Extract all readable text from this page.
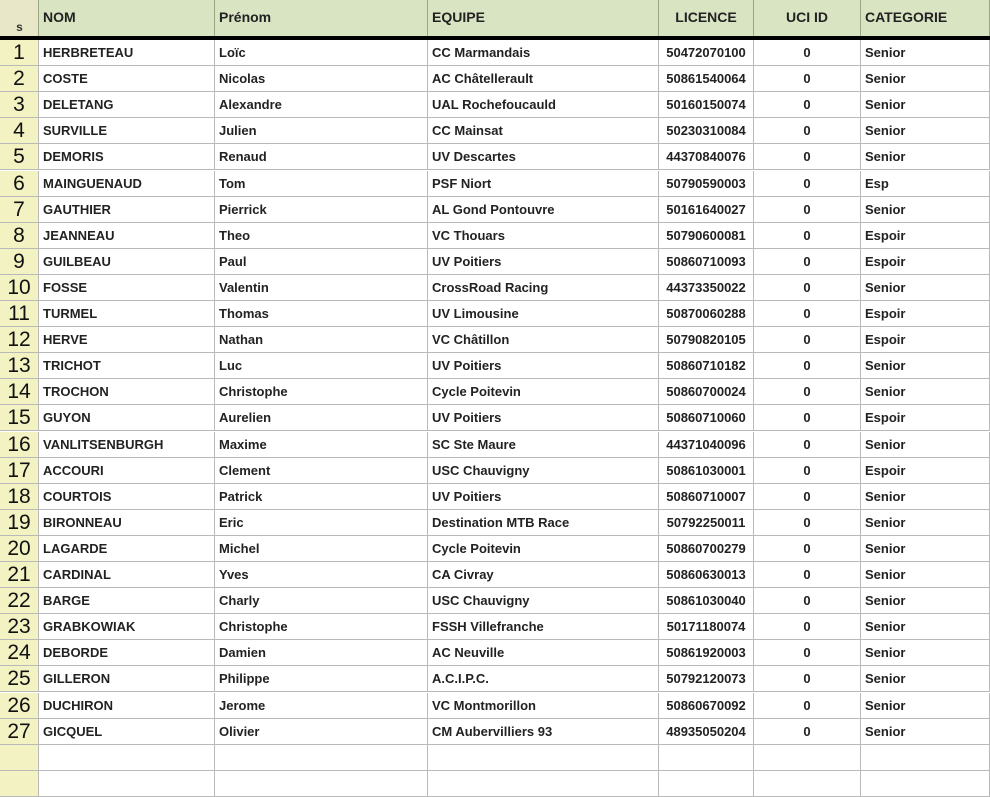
s
NOM	Prénom	EQUIPE	LICENCE	UCI ID	CATEGORIE
1	HERBRETEAU	Loïc	CC Marmandais	50472070100	0	Senior
2	COSTE	Nicolas	AC Châtellerault	50861540064	0	Senior
3	DELETANG	Alexandre	UAL Rochefoucauld	50160150074	0	Senior
4	SURVILLE	Julien	CC Mainsat	50230310084	0	Senior
5	DEMORIS	Renaud	UV Descartes	44370840076	0	Senior
6	MAINGUENAUD	Tom	PSF Niort	50790590003	0	Esp
7	GAUTHIER	Pierrick	AL Gond Pontouvre	50161640027	0	Senior
8	JEANNEAU	Theo	VC Thouars	50790600081	0	Espoir
9	GUILBEAU	Paul	UV Poitiers	50860710093	0	Espoir
10 FOSSE	Valentin	CrossRoad Racing	44373350022	0	Senior
11	TURMEL	Thomas	UV Limousine	50870060288	0	Espoir
12 HERVE	Nathan	VC Châtillon	50790820105	0	Espoir
13 TRICHOT	Luc	UV Poitiers	50860710182	0	Senior
14 TROCHON	Christophe	Cycle Poitevin	50860700024	0	Senior
15 GUYON	Aurelien	UV Poitiers	50860710060	0	Espoir
16 VANLITSENBURGH	Maxime	SC Ste Maure	44371040096	0	Senior
17 ACCOURI	Clement	USC Chauvigny	50861030001	0	Espoir
18 COURTOIS	Patrick	UV Poitiers	50860710007	0	Senior
19 BIRONNEAU	Eric	Destination MTB Race	50792250011	0	Senior
20 LAGARDE	Michel	Cycle Poitevin	50860700279	0	Senior
21 CARDINAL	Yves	CA Civray	50860630013	0	Senior
22 BARGE	Charly	USC Chauvigny	50861030040	0	Senior
23 GRABKOWIAK	Christophe	FSSH Villefranche	50171180074	0	Senior
24 DEBORDE	Damien	AC Neuville	50861920003	0	Senior
25 GILLERON	Philippe	A.C.I.P.C.	50792120073	0	Senior
26 DUCHIRON	Jerome	VC Montmorillon	50860670092	0	Senior
27 GICQUEL	Olivier	CM Aubervilliers 93	48935050204	0	Senior
